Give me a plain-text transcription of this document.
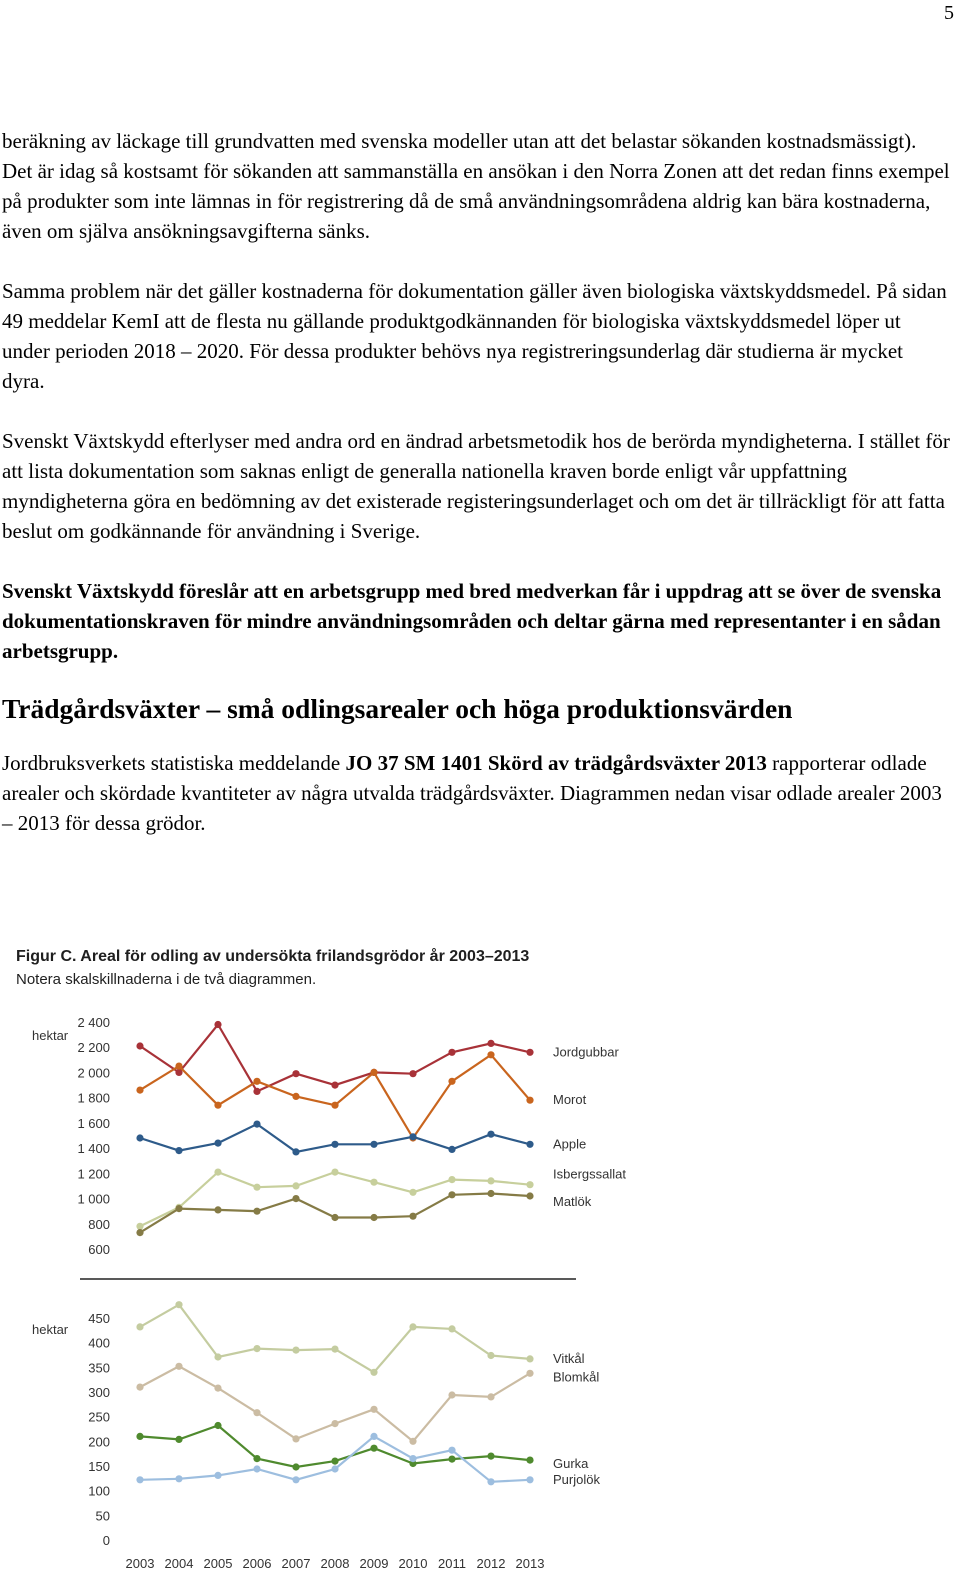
5

beräkning av läckage till grundvatten med svenska modeller utan att det belastar sökanden kostnadsmässigt). Det är idag så kostsamt för sökanden att sammanställa en ansökan i den Norra Zonen att det redan finns exempel på produkter som inte lämnas in för registrering då de små användningsområdena aldrig kan bära kostnaderna, även om själva ansökningsavgifterna sänks.

Samma problem när det gäller kostnaderna för dokumentation gäller även biologiska växtskyddsmedel. På sidan 49 meddelar KemI att de flesta nu gällande produktgodkännanden för biologiska växtskyddsmedel löper ut under perioden 2018 – 2020. För dessa produkter behövs nya registreringsunderlag där studierna är mycket dyra.

Svenskt Växtskydd efterlyser med andra ord en ändrad arbetsmetodik hos de berörda myndigheterna. I stället för att lista dokumentation som saknas enligt de generalla nationella kraven borde enligt vår uppfattning myndigheterna göra en bedömning av det existerade registeringsunderlaget och om det är tillräckligt för att fatta beslut om godkännande för användning i Sverige.

Svenskt Växtskydd föreslår att en arbetsgrupp med bred medverkan får i uppdrag att se över de svenska dokumentationskraven för mindre användningsområden och deltar gärna med representanter i en sådan arbetsgrupp.

Trädgårdsväxter – små odlingsarealer och höga produktionsvärden

Jordbruksverkets statistiska meddelande JO 37 SM 1401 Skörd av trädgårdsväxter 2013 rapporterar odlade arealer och skördade kvantiteter av några utvalda trädgårdsväxter. Diagrammen nedan visar odlade arealer 2003 – 2013 för dessa grödor.

Figur C. Areal för odling av undersökta frilandsgrödor år 2003–2013
Notera skalskillnaderna i de två diagrammen.
hektar
2 400
2 200
2 000
1 800
1 600
1 400
1 200
1 000
800
600
Jordgubbar
Morot
Apple
Isbergssallat
Matlök
hektar
450
400
350
300
250
200
150
100
50
0
Vitkål
Blomkål
Gurka
Purjolök
2003 2004 2005 2006 2007 2008 2009 2010 2011 2012 2013
